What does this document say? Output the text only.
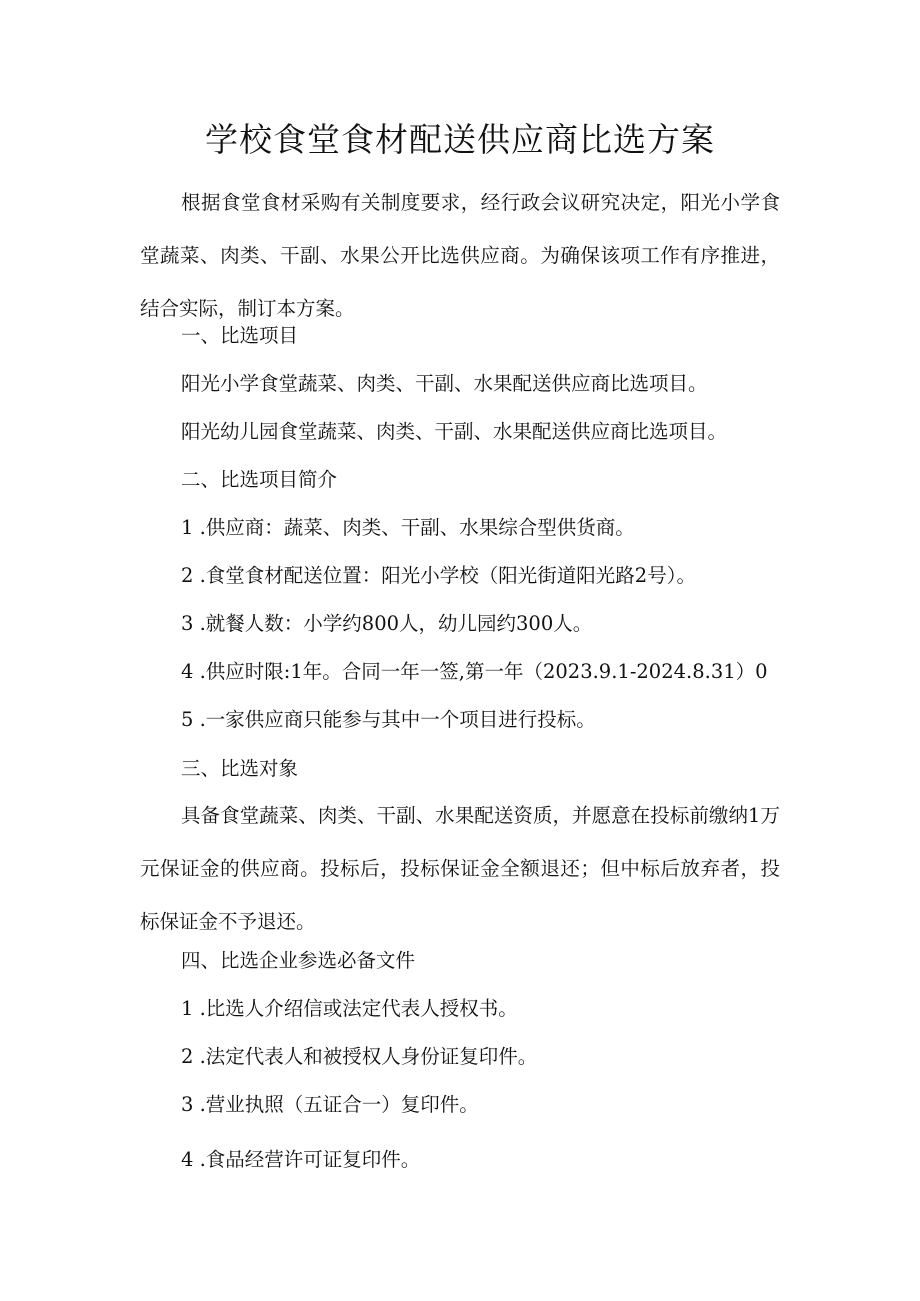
学校食堂食材配送供应商比选方案

根据食堂食材采购有关制度要求，经行政会议研究决定，阳光小学食堂蔬菜、肉类、干副、水果公开比选供应商。为确保该项工作有序推进，结合实际，制订本方案。

一、比选项目

阳光小学食堂蔬菜、肉类、干副、水果配送供应商比选项目。

阳光幼儿园食堂蔬菜、肉类、干副、水果配送供应商比选项目。

二、比选项目简介

1 .供应商：蔬菜、肉类、干副、水果综合型供货商。

2 .食堂食材配送位置：阳光小学校（阳光街道阳光路2号）。

3 .就餐人数：小学约800人，幼儿园约300人。

4 .供应时限:1年。合同一年一签,第一年（2023.9.1-2024.8.31）0

5 .一家供应商只能参与其中一个项目进行投标。

三、比选对象

具备食堂蔬菜、肉类、干副、水果配送资质，并愿意在投标前缴纳1万元保证金的供应商。投标后，投标保证金全额退还；但中标后放弃者，投标保证金不予退还。

四、比选企业参选必备文件

1 .比选人介绍信或法定代表人授权书。

2 .法定代表人和被授权人身份证复印件。

3 .营业执照（五证合一）复印件。

4 .食品经营许可证复印件。
